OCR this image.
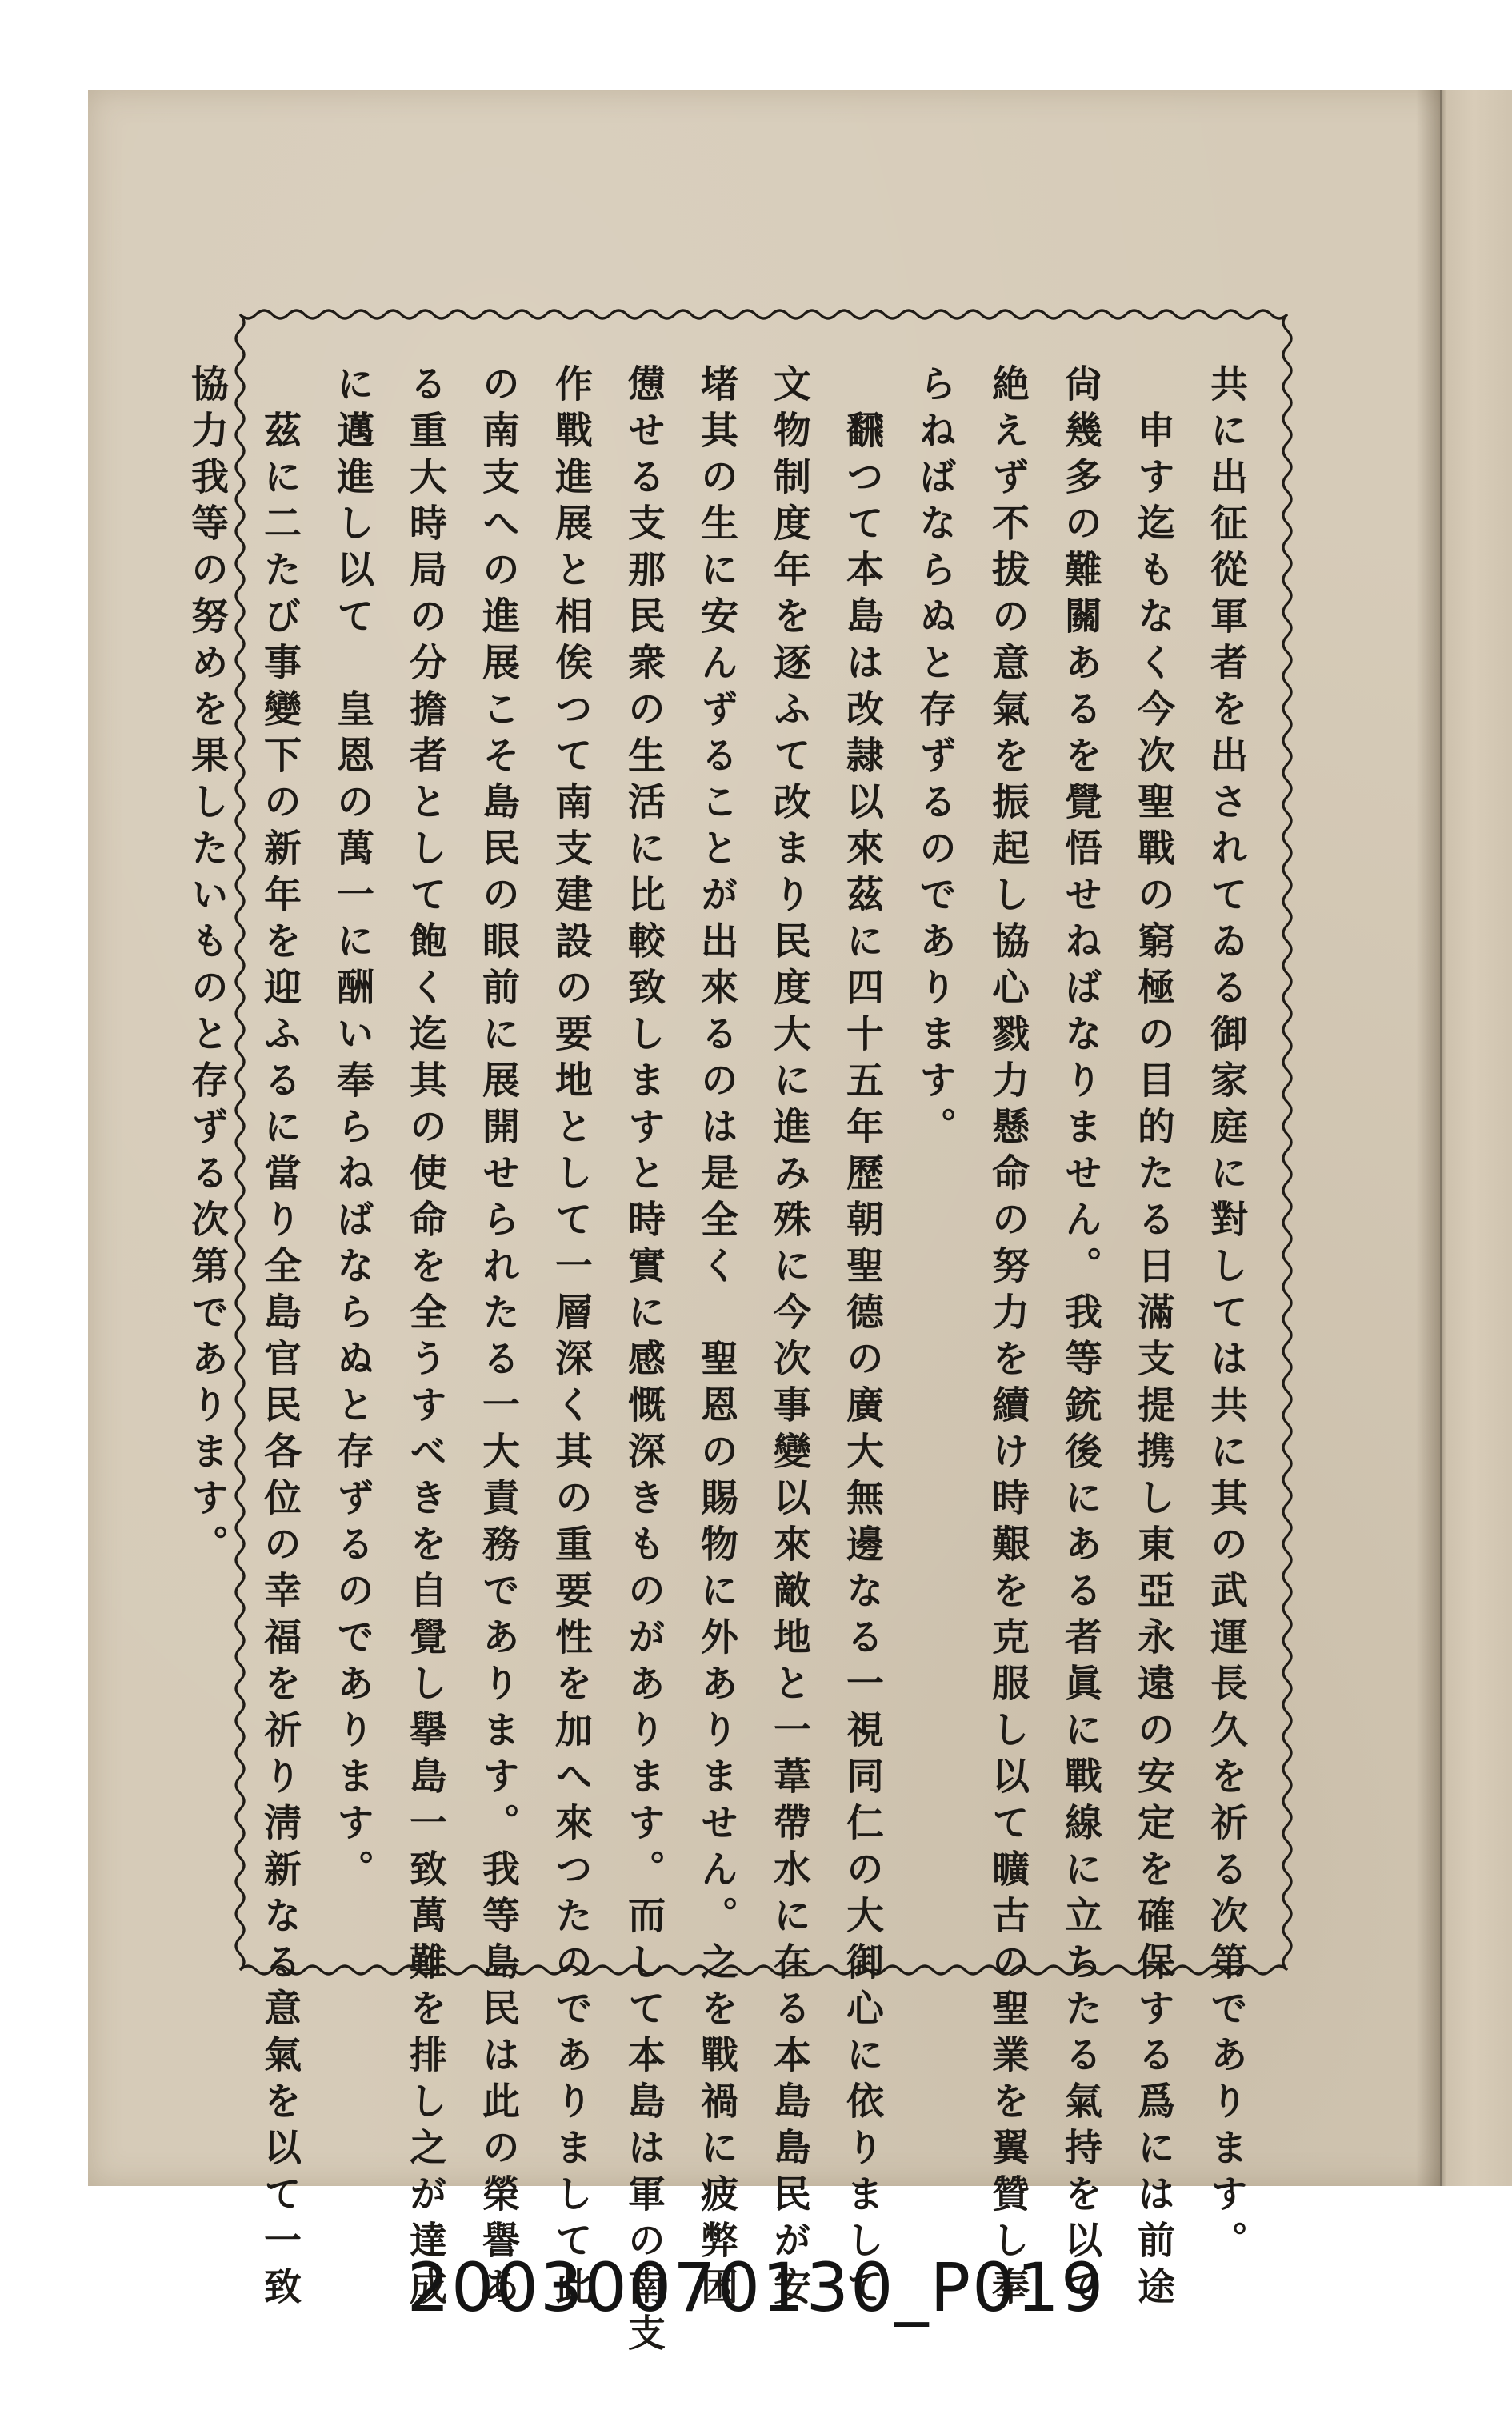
共に出征從軍者を出されてゐる御家庭に對しては共に其の武運長久を祈る次第であります。
　申す迄もなく今次聖戰の窮極の目的たる日滿支提携し東亞永遠の安定を確保する爲には前途
尙幾多の難關あるを覺悟せねばなりません。我等銃後にある者眞に戰線に立ちたる氣持を以て
絶えず不拔の意氣を振起し協心戮力懸命の努力を續け時艱を克服し以て曠古の聖業を翼贊し奉
らねばならぬと存ずるのであります。
　飜つて本島は改隷以來茲に四十五年歷朝聖德の廣大無邊なる一視同仁の大御心に依りまして
文物制度年を逐ふて改まり民度大に進み殊に今次事變以來敵地と一葦帶水に在る本島島民が安
堵其の生に安んずることが出來るのは是全く　聖恩の賜物に外ありません。之を戰禍に疲弊困
憊せる支那民衆の生活に比較致しますと時實に感慨深きものがあります。而して本島は軍の南支
作戰進展と相俟つて南支建設の要地として一層深く其の重要性を加へ來つたのでありまして此
の南支への進展こそ島民の眼前に展開せられたる一大責務であります。我等島民は此の榮譽あ
る重大時局の分擔者として飽く迄其の使命を全うすべきを自覺し擧島一致萬難を排し之が達成
に邁進し以て　皇恩の萬一に酬い奉らねばならぬと存ずるのであります。
　茲に二たび事變下の新年を迎ふるに當り全島官民各位の幸福を祈り淸新なる意氣を以て一致
協力我等の努めを果したいものと存ずる次第であります。
20030070130_P019
